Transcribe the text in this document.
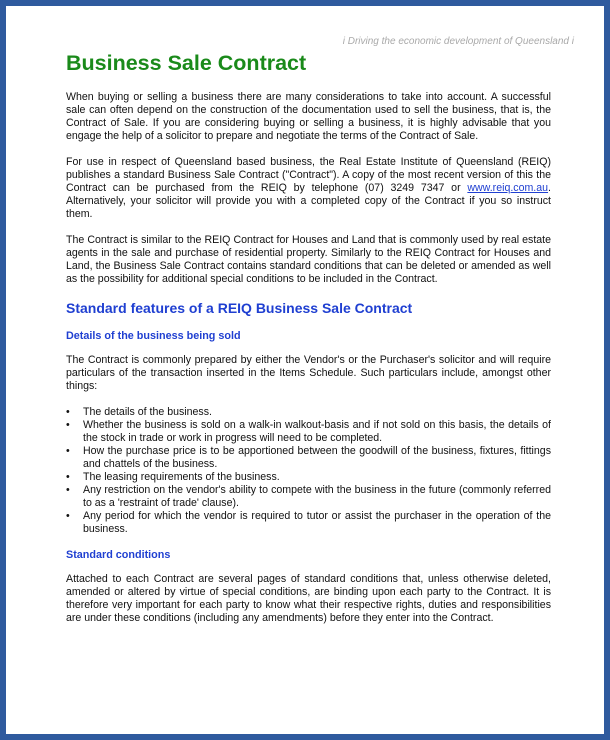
i Driving the economic development of Queensland i
Business Sale Contract

When buying or selling a business there are many considerations to take into account. A successful sale can often depend on the construction of the documentation used to sell the business, that is, the Contract of Sale. If you are considering buying or selling a business, it is highly advisable that you engage the help of a solicitor to prepare and negotiate the terms of the Contract of Sale.

For use in respect of Queensland based business, the Real Estate Institute of Queensland (REIQ) publishes a standard Business Sale Contract ("Contract"). A copy of the most recent version of this the Contract can be purchased from the REIQ by telephone (07) 3249 7347 or www.reiq.com.au. Alternatively, your solicitor will provide you with a completed copy of the Contract if you so instruct them.

The Contract is similar to the REIQ Contract for Houses and Land that is commonly used by real estate agents in the sale and purchase of residential property. Similarly to the REIQ Contract for Houses and Land, the Business Sale Contract contains standard conditions that can be deleted or amended as well as the possibility for additional special conditions to be included in the Contract.

Standard features of a REIQ Business Sale Contract
Details of the business being sold

The Contract is commonly prepared by either the Vendor's or the Purchaser's solicitor and will require particulars of the transaction inserted in the Items Schedule. Such particulars include, amongst other things:

• The details of the business.
• Whether the business is sold on a walk-in walkout-basis and if not sold on this basis, the details of the stock in trade or work in progress will need to be completed.
• How the purchase price is to be apportioned between the goodwill of the business, fixtures, fittings and chattels of the business.
• The leasing requirements of the business.
• Any restriction on the vendor's ability to compete with the business in the future (commonly referred to as a 'restraint of trade' clause).
• Any period for which the vendor is required to tutor or assist the purchaser in the operation of the business.
Standard conditions

Attached to each Contract are several pages of standard conditions that, unless otherwise deleted, amended or altered by virtue of special conditions, are binding upon each party to the Contract. It is therefore very important for each party to know what their respective rights, duties and responsibilities are under these conditions (including any amendments) before they enter into the Contract.
